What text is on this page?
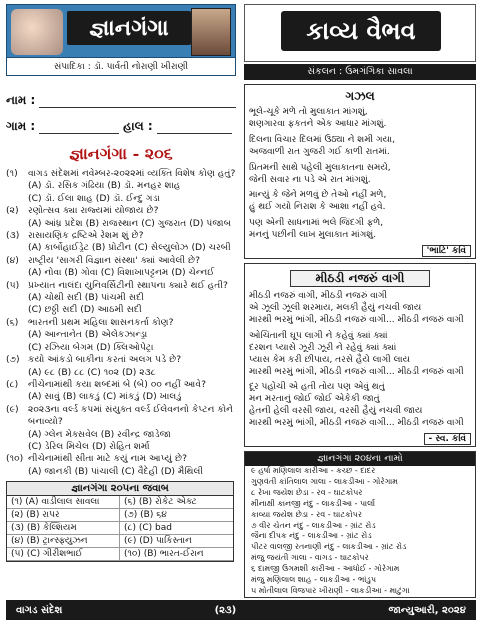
જ્ઞાનગંગા
સંપાદિકા : ડૉ. પાર્વતી નોરાણી ખીરાણી
નામ :
ગામ :	હાલ :
જ્ઞાનગંગા - ૨૦૬
(૧)	વાગડ સંદેશમાં નવેમ્બર-૨૦૨૨માં વ્યક્તિ વિશેષ કોણ હતું?
(A) ડૉ. રસિક ગંઢિયા (B) ડૉ. મનહર શાહ
(C) ડૉ. ઈલા શાહ (D) ડૉ. ઈન્દુ ગડા
(૨)	રણોત્સવ ક્યા રાજ્યમાં યોજાય છે?
(A) આંધ્ર પ્રદેશ (B) રાજસ્થાન (C) ગુજરાત (D) પંજાબ
(૩) રાસાયણિક દ્રષ્ટિએ રેશમ શું છે?
(A) કાર્બોહાઈડ્રેટ (B) પ્રોટીન (C) સેલ્યુલોઝ (D) ચરબી
(૪) રાષ્ટ્રીય 'સાગરી વિજ્ઞાન સંસ્થા' ક્યાં આવેલી છે?
(A) નોવા (B) ગોવા (C) વિશાખાપટ્ટનમ (D) ચેન્નઈ
(૫) પ્રખ્યાત નાલંદા યુનિવર્સિટીની સ્થાપના ક્યારે થઈ હતી?
(A) ચોથી સદી (B) પાંચમી સદી
(C) છઠ્ઠી સદી (D) આઠમી સદી
(૬)	ભારતની પ્રથમ મહિલા શાસનકર્તા કોણ?
(A) આન્તાનેત (B) એલેકઝાન્ડ્રા
(C) રઝિયા બેગમ (D) ક્લિઓપેટ્રા
(૭) કયો આંકડો બાકીના કરતાં અલગ પડે છે?
(A) ૯૮ (B) ૮૮ (C) ૧૦૨ (D) ૨૩૮
(૮)	નીચેનામાંથી કયા શબ્દમાં બે (બે) ૦૦ નહીં આવે?
(A) સાવું (B) લાકડું (C) માંકડું (D) ખાલડું
(૯)	૨૦૨૩ના વર્લ્ડ કપમાં સંયુક્ત વર્લ્ડ ઈલેવનનો કેપ્ટન કોને બનાવ્યો?
(A) ગ્લેન મેક્સવેલ (B) રવીન્દ્ર જાડેજા
(C) ડેરિલ મિચેલ (D) રોહિત શર્મા
(૧૦) નીચેનામાંથી સીતા માટે કયું નામ આપ્યું છે?
(A) જાનકી (B) પાંચાલી (C) વૈદેહી (D) મૈથિલી
જ્ઞાનગંગા ૨૦૫ના જવાબ
(૧) (A) વાડીલાલ સાવલા	(૬) (B) રોકેટ એક્ટ
(૨) (B) રાપર	(૭) (B) ૬૪
(૩) (B) કેલ્શિયમ	(૮) (C) bad
(૪) (B) ટ્રાન્સ્ફ્યુઝન	(૯) (D) પાકિસ્તાન
(૫) (C) ગીરીશભાઈ	(૧૦) (B) ભારત-ઈરાન
કાવ્ય વૈભવ
સંકલન : ઉમગંગિકા સાવલા
ગઝલ
ભૂલે-ચૂકે મળે તો મુલાકાત માંગશું,
શણગારવા ફકતને એક આધાર માંગશું.
દિલના વિચાર દિલમાં ઉઠ્યા ને શમી ગયા,
અજવાળી રાત ગુજરી ગઈ કાળી રાતમાં.
પ્રિતમની સાથે પહેલી મુલાકાતના સમયે,
જેની સવાર ના પડે એ રાત માંગશું.
માન્યું કે જેને મળવું છે તેઓ નહીં મળે,
હું થઈ ગયો નિરાશ કે આશા નહીં હવે.
પણ એની સાધનામાં ભલે જિંદગી ફળે,
મનનું પછીની લાખ મુલાકાત માંગશું.
'ભાટિ' કવિ
મીઠડી નજરું વાગી
મીઠડી નજરું વાગી, મીઠડી નજરું વાગી
એ ઝૂલી ઝૂલી શરમાય, મલકી હૈયું નચવી જાય
મારથી ભરમું ભાંગી, મીઠડી નજરું વાગી... મીઠડી નજરું વાગી
ઓચિંતાની ઘૂપ લાગી ને કહેવું ક્યાં ક્યાં
દરશન પ્યાસે ઝૂરી ઝૂરી ને રહેવું ક્યાં ક્યાં
પ્યાસ કેમ કરી છીપાય, તરસે હૈયે લાગી લાય
મારથી ભરમું ભાંગી, મીઠડી નજરું વાગી... મીઠડી નજરું વાગી
દૂર પહોંચી એ હતી તોય પણ એવું થતું
મન મરતાનું જોઈ જોઈ એકેકી જાતું
હેતની હેલી વરસી જાય, વરસી હૈયું નચવી જાય
મારથી ભરમું ભાંગી, મીઠડી નજરું વાગી... મીઠડી નજરું વાગી
- સ્વ. કવિ
જ્ઞાનગંગા ૨૦૪ના નામો
૯ હર્ષા મણિલાલ કારીઆ - કચ્છ - દાદર
ગુણવંતી કાંતિલાલ ગાલા - લાકડીઆ - ગોરેગામ
૮ રેખા જયેશ છેડા - રવ - ઘાટકોપર
મીનાક્ષી કાનજી નંદુ - લાકડીઆ - પાર્લા
કાવ્યા જયેશ છેડા - રવ - ઘાટકોપર
૭ વીર ચેતન નંદુ - લાકડીઆ - ગ્રાંટ રોડ
જૈના દીપક નંદુ - લાકડીઆ - ગ્રાંટ રોડ
પીટર વાલજી રતનાણી નંદુ - લાકડીઆ - ગ્રાંટ રોડ
મંજુ જયંતી ગાલા - વાગડ - ઘાટકોપર
૬ દામજી ઉગમશી કારીઆ - આધોઈ - ગોરેગામ
મંજુ મણિલાલ શાહ - લાકડીઆ - ભાંડુપ
૫ મોતીલાલ વિજપાર ખીરાણી - લાકડીઆ - માટુંગા
વાગડ સંદેશ	(૨૩)	જાન્યુઆરી, ૨૦૨૪
